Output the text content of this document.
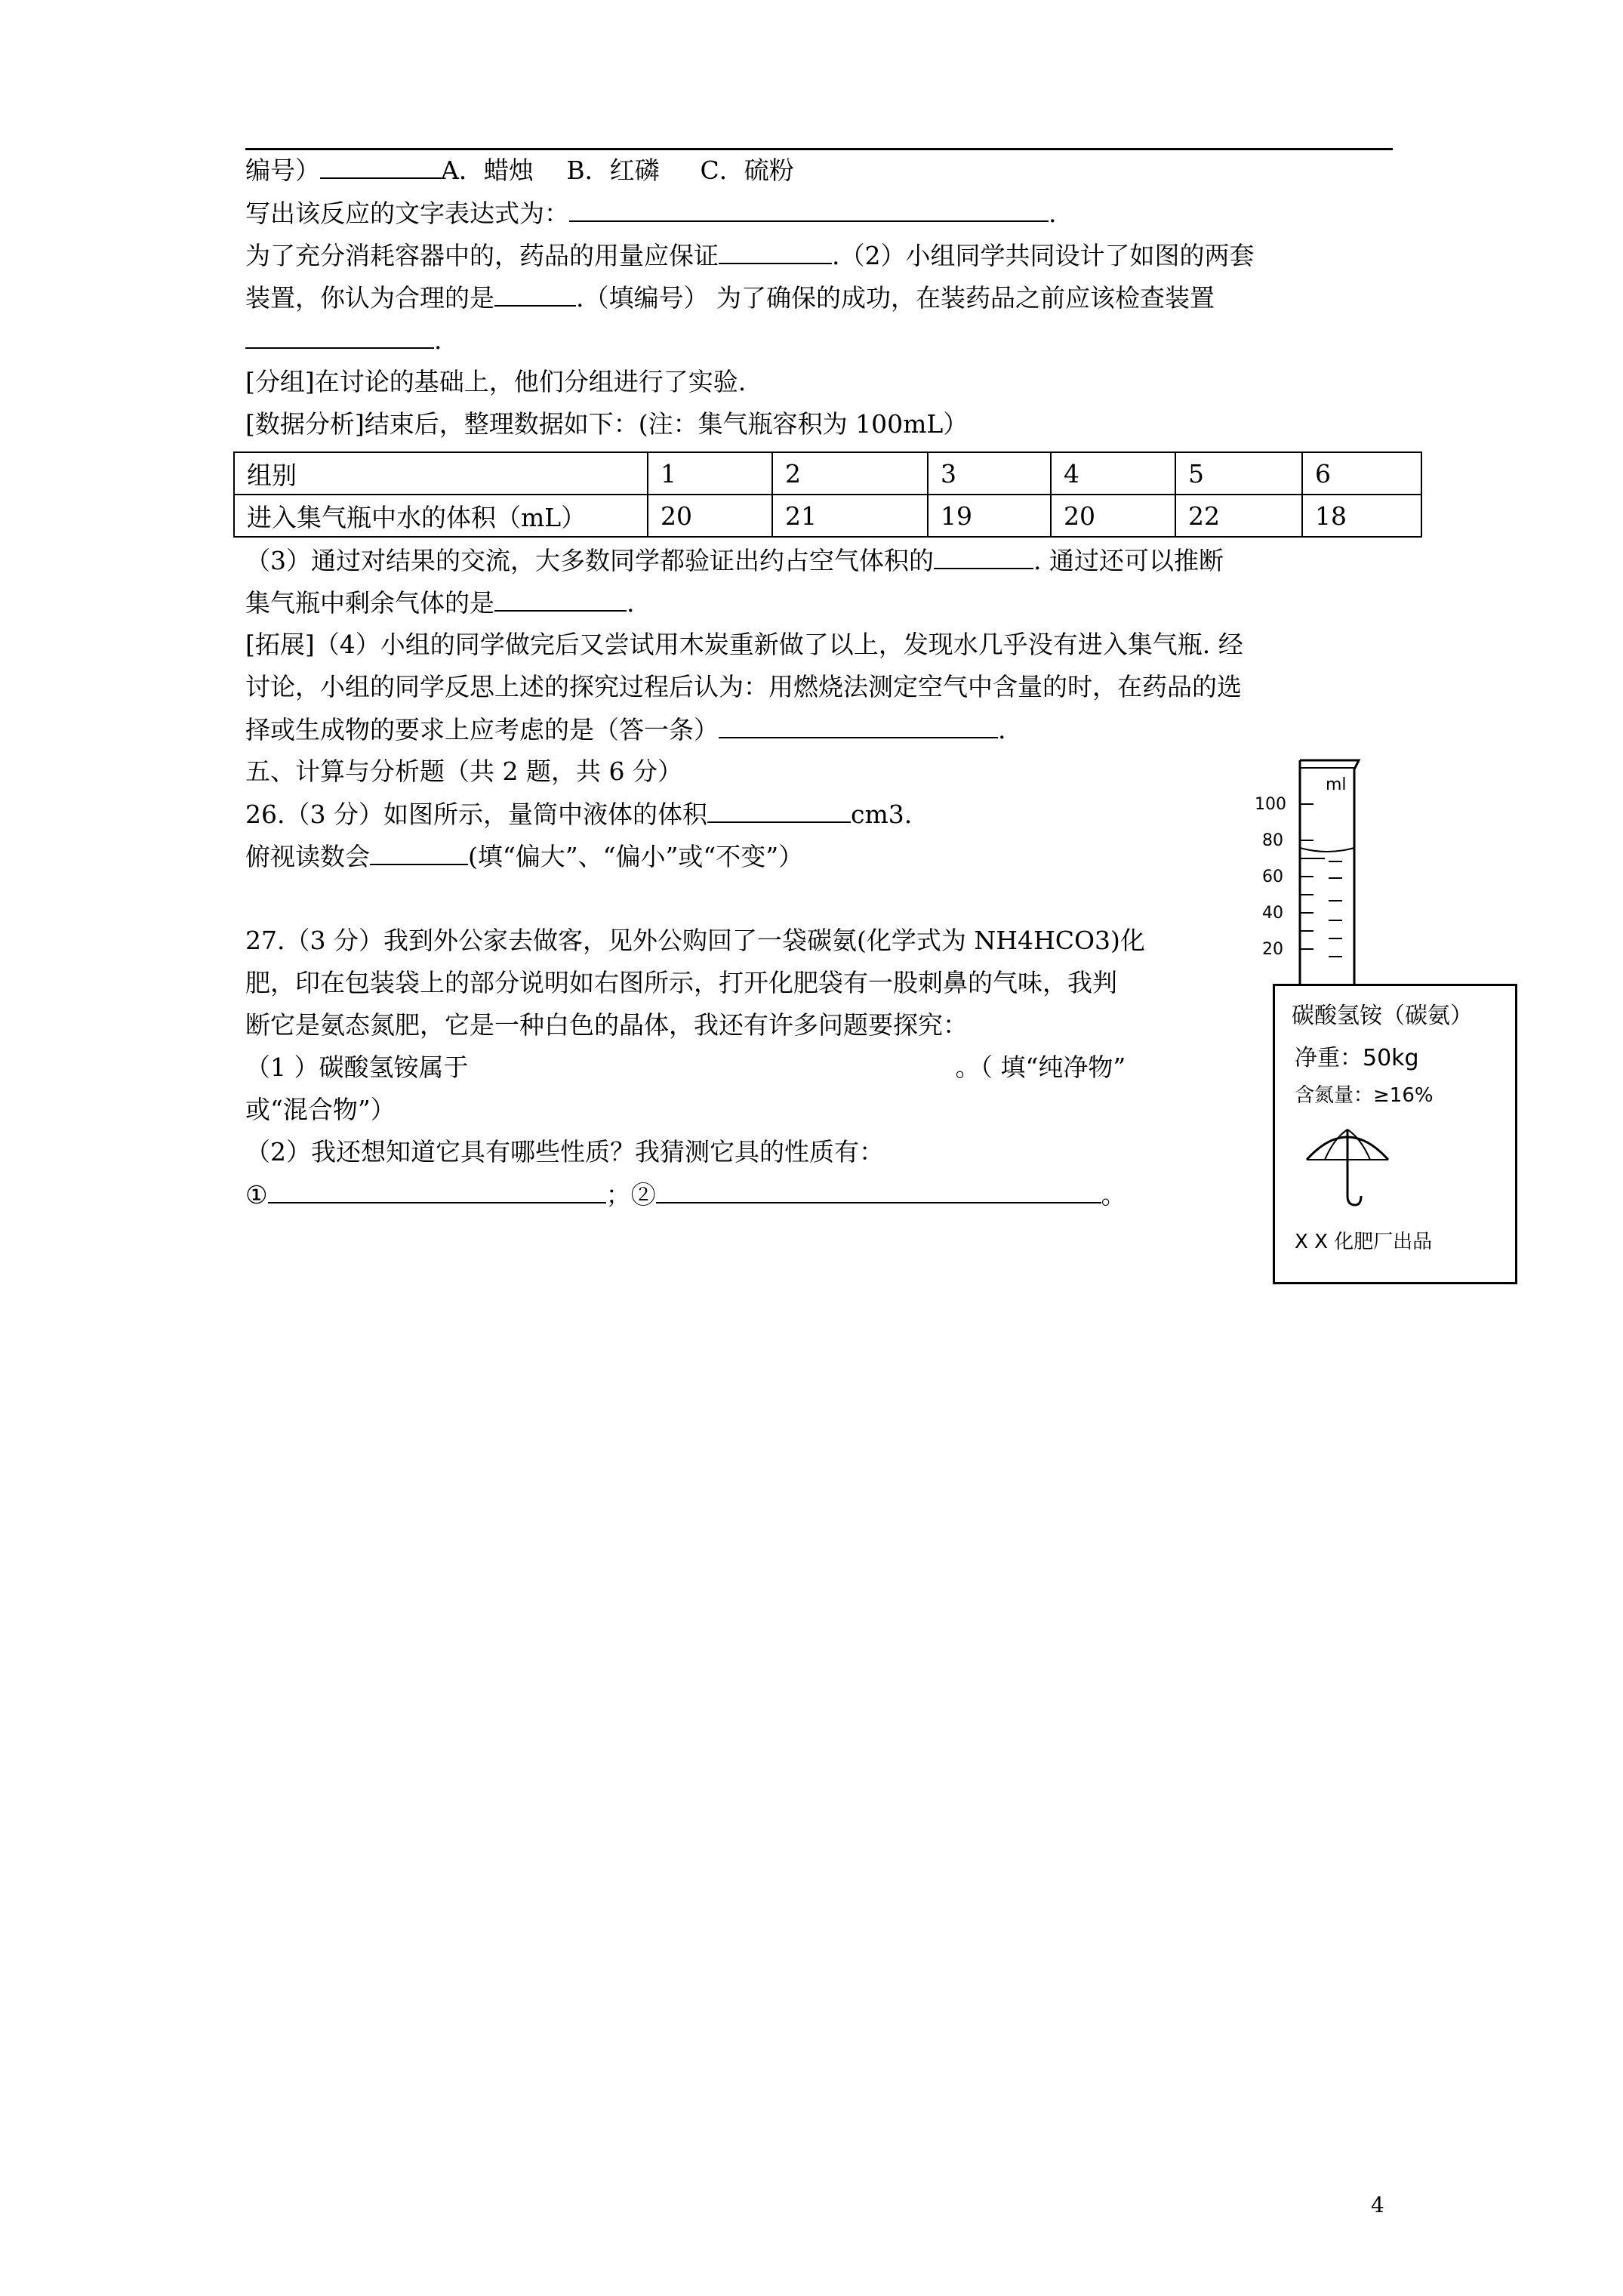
编号）	A．蜡烛　 B．红磷　  C．硫粉
写出该反应的文字表达式为：	.
为了充分消耗容器中的，药品的用量应保证	.（2）小组同学共同设计了如图的两套
装置，你认为合理的是	.（填编号） 为了确保的成功，在装药品之前应该检查装置
.
[分组]在讨论的基础上，他们分组进行了实验.
[数据分析]结束后，整理数据如下：(注：集气瓶容积为 100mL）
组别	1	2	3	4	5	6
进入集气瓶中水的体积（mL）	20	21	19	20	22	18
（3）通过对结果的交流，大多数同学都验证出约占空气体积的	. 通过还可以推断
集气瓶中剩余气体的是	.
[拓展]（4）小组的同学做完后又尝试用木炭重新做了以上，发现水几乎没有进入集气瓶. 经
讨论，小组的同学反思上述的探究过程后认为：用燃烧法测定空气中含量的时，在药品的选
择或生成物的要求上应考虑的是（答一条）	.
五、计算与分析题（共 2 题，共 6 分）
26.（3 分）如图所示，量筒中液体的体积	cm3.
俯视读数会	(填“偏大”、“偏小”或“不变”）
27.（3 分）我到外公家去做客，见外公购回了一袋碳氨(化学式为 NH4HCO3)化
肥，印在包装袋上的部分说明如右图所示，打开化肥袋有一股刺鼻的气味，我判
断它是氨态氮肥，它是一种白色的晶体，我还有许多问题要探究：
（1 ）碳酸氢铵属于	。（ 填“纯净物”
或“混合物”）
（2）我还想知道它具有哪些性质？我猜测它具的性质有：
①	；②	。
ml
100
80
60
40
20
碳酸氢铵（碳氨）
净重：50kg
含氮量：≥16%
X X 化肥厂出品
4
